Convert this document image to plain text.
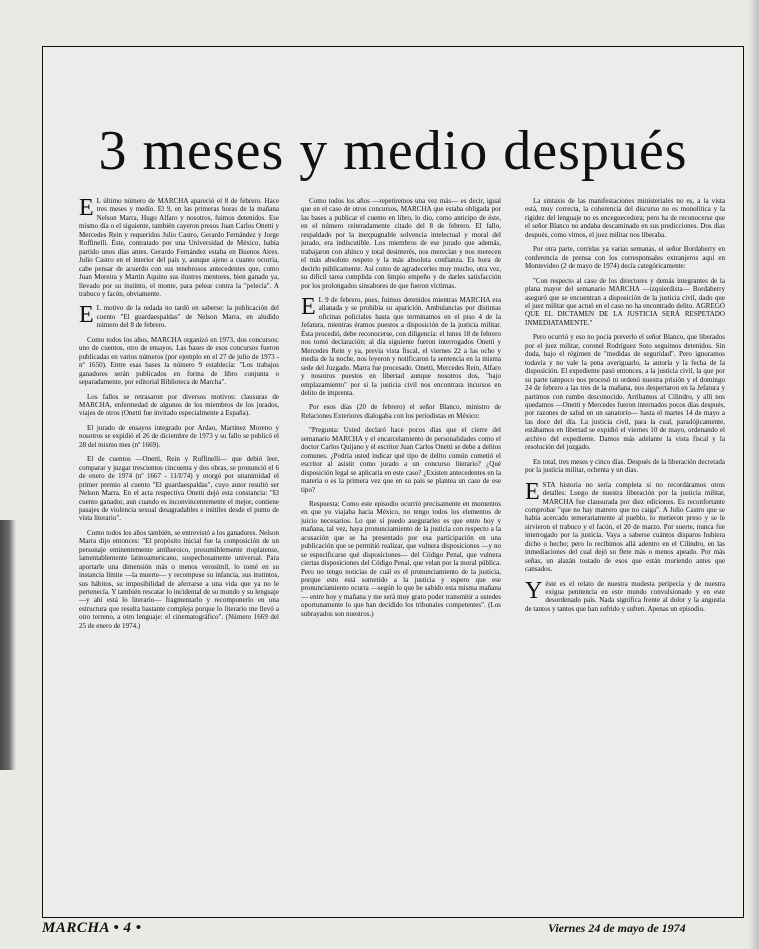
3 meses y medio después

E L último número de MARCHA apareció el 8 de febrero. Hace tres meses y medio. El 9, en las primeras horas de la mañana Nelson Marra, Hugo Alfaro y nosotros, fuimos detenidos. Ese mismo día o el siguiente, también cayeron presos Juan Carlos Onetti y Mercedes Rein y requeridos Julio Castro, Gerardo Fernández y Jorge Ruffinelli. Éste, contratado por una Universidad de México, había partido unos días antes. Gerardo Fernández estaba en Buenos Aires. Julio Castro en el interior del país y, aunque ajeno a cuanto ocurría, cabe pensar de acuerdo con sus tenebrosos antecedentes que, como Juan Moreira y Martín Aquino sus ilustres mentores, bien ganado ya, llevado por su instinto, el monte, para pelear contra la "pelecía". A trabuco y facón, obviamente.

E L motivo de la redada no tardó en saberse: la publicación del cuento "El guardaespaldas" de Nelson Marra, en aludido número del 8 de febrero.

Como todos los años, MARCHA organizó en 1973, dos concursos: uno de cuentos, otro de ensayos. Las bases de esos concursos fueron publicadas en varios números (por ejemplo en el 27 de julio de 1973 - nº 1650). Entre esas bases la número 9 establecía: "Los trabajos ganadores serán publicados en forma de libro conjunta o separadamente, por editorial Biblioteca de Marcha".

Los fallos se retrasaron por diversos motivos: clausuras de MARCHA, enfermedad de algunos de los miembros de los jurados, viajes de otros (Onetti fue invitado especialmente a España).

El jurado de ensayos integrado por Ardao, Martínez Moreno y nosotros se expidió el 26 de diciembre de 1973 y su fallo se publicó el 28 del mismo mes (nº 1669).

El de cuentos —Onetti, Rein y Ruffinelli— que debió leer, comparar y juzgar trescientos cincuenta y dos obras, se pronunció el 6 de enero de 1974 (nº 1667 - 11/I/74) y otorgó por unanimidad el primer premio al cuento "El guardaespaldas", cuyo autor resultó ser Nelson Marra. En el acta respectiva Onetti dejó esta constancia: "El cuento ganador, aun cuando es inconvincentemente el mejor, contiene pasajes de violencia sexual desagradables e inútiles desde el punto de vista literario".

Como todos los años también, se entrevistó a los ganadores. Nelson Marra dijo entonces: "El propósito inicial fue la composición de un personaje eminentemente antiheroico, presumiblemente rioplatense, lamentablemente latinoamericano, sospechosamente universal. Para aportarle una dimensión más o menos verosímil, lo tomé en su instancia límite —la muerte— y recompuse su infancia, sus instintos, sus hábitos, su imposibilidad de aferrarse a una vida que ya no le pertenecía. Y también rescatar lo incidental de su mundo y su lenguaje —y ahí está lo literario— fragmentarlo y recomponerlo en una estructura que resulta bastante compleja porque lo literario me llevó a otro terreno, a otro lenguaje: el cinematográfico". (Número 1669 del 25 de enero de 1974.)

Como todos los años —repetiremos una vez más— es decir, igual que en el caso de otros concursos, MARCHA que estaba obligada por las bases a publicar el cuento en libro, lo dio, como anticipo de éste, en el número reiteradamente citado del 8 de febrero. El fallo, respaldado por la inexpugnable solvencia intelectual y moral del jurado, era indiscutible. Los miembros de ese jurado que además, trabajaron con ahínco y total desinterés, nos merecían y nos merecen el más absoluto respeto y la más absoluta confianza. Es hora de decirlo públicamente. Así como de agradecerles muy mucho, otra vez, su difícil tarea cumplida con limpio empeño y de darles satisfacción por los prolongados sinsabores de que fueron víctimas.

E L 9 de febrero, pues, fuimos detenidos mientras MARCHA era allanada y se prohibía su aparición. Ambulancias por distintas oficinas policiales hasta que terminamos en el piso 4 de la Jefatura, mientras éramos puestos a disposición de la justicia militar. Ésta procedió, debe reconocerse, con diligencia: el lunes 18 de febrero nos tomó declaración; al día siguiente fueron interrogados Onetti y Mercedes Rein y ya, previa vista fiscal, el viernes 22 a las ocho y media de la noche, nos leyeron y notificaron la sentencia en la misma sede del Juzgado. Marra fue procesado. Onetti, Mercedes Rein, Alfaro y nosotros puestos en libertad aunque nosotros dos, "bajo emplazamiento" por si la justicia civil nos encontrara incursos en delito de imprenta.

Por esos días (20 de febrero) el señor Blanco, ministro de Relaciones Exteriores dialogaba con los periodistas en México:

"Pregunta: Usted declaró hace pocos días que el cierre del semanario MARCHA y el encarcelamiento de personalidades como el doctor Carlos Quijano y el escritor Juan Carlos Onetti se debe a delitos comunes. ¿Podría usted indicar qué tipo de delito común cometió el escritor al asistir como jurado a un concurso literario? ¿Qué disposición legal se aplicaría en este caso? ¿Existen antecedentes en la materia o es la primera vez que en su país se plantea un caso de ese tipo?

Respuesta: Como este episodio ocurrió precisamente en momentos en que yo viajaba hacia México, no tengo todos los elementos de juicio necesarios. Lo que sí puedo asegurarles es que entre hoy y mañana, tal vez, haya pronunciamiento de la justicia con respecto a la acusación que se ha presentado por esa participación en una publicación que se permitió realizar, que vulnera disposiciones —y no se especificarse qué disposiciones— del Código Penal, que vulnera ciertas disposiciones del Código Penal, que velan por la moral pública. Pero no tengo noticias de cuál es el pronunciamiento de la justicia, porque esto está sometido a la justicia y espero que ese pronunciamiento ocurra —según lo que he sabido esta misma mañana— entre hoy y mañana y me será muy grato poder transmitir a ustedes oportunamente lo que han decidido los tribunales competentes". (Los subrayados son nuestros.)

La sintaxis de las manifestaciones ministeriales no es, a la vista está, muy correcta, la coherencia del discurso no es monolítica y la rigidez del lenguaje no es enceguecedora; pero ha de reconocerse que el señor Blanco no andaba descaminado en sus predicciones. Dos días después, como vimos, el juez militar nos liberaba.

Por otra parte, corridas ya varias semanas, el señor Bordaberry en conferencia de prensa con los corresponsales extranjeros aquí en Montevideo (2 de mayo de 1974) decía categóricamente:

"Con respecto al caso de los directores y demás integrantes de la plana mayor del semanario MARCHA —izquierdista— Bordaberry aseguró que se encuentran a disposición de la justicia civil, dado que el juez militar que actuó en el caso no ha encontrado delito. AGREGÓ QUE EL DICTAMEN DE LA JUSTICIA SERÁ RESPETADO INMEDIATAMENTE."

Pero ocurrió y eso no pocía preverlo el señor Blanco, que liberados por el juez militar, coronel Rodríguez Soto seguimos detenidos. Sin duda, bajo el régimen de "medidas de seguridad". Pero ignoramos todavía y no vale la pena averiguarlo, la autoría y la fecha de la disposición. El expediente pasó entonces, a la justicia civil, la que por su parte tampoco nos procesó ni ordenó nuestra prisión y el domingo 24 de febrero a las tres de la mañana, nos despertaron en la Jefatura y partimos con rumbo desconocido. Arribamos al Cilindro, y allí nos quedamos —Onetti y Mercedes fueron internados pocos días después, por razones de salud en un sanatorio— hasta el martes 14 de mayo a las doce del día. La justicia civil, para la cual, paradójicamente, estábamos en libertad se expidió el viernes 10 de mayo, ordenando el archivo del expediente. Damos más adelante la vista fiscal y la resolución del juzgado.

En total, tres meses y cinco días. Después de la liberación decretada por la justicia militar, ochenta y un días.

ESTA historia no sería completa si no recordáramos otros detalles: Luego de nuestra liberación por la justicia militar, MARCHA fue clausurada por diez ediciones. Es reconfortante comprobar "que no hay matrero que no caiga". A Julio Castro que se había acercado temerariamente al pueblo, lo metieron preso y se le sirvieron el trabuco y el facón, el 20 de marzo. Por suerte, nunca fue interrogado por la justicia. Vaya a saberse cuántos disparos hubiera dicho o hecho; pero lo recibimos allá adentro en el Cilindro, en las inmediaciones del cual dejó su flete más o menos apeado. Por más señas, un alazán tostado de esos que están muriendo antes que cansados.

Yéste es el relato de nuestra modesta peripecia y de nuestra exigua penitencia en este mundo convulsionado y en este desordenado país. Nada significa frente al dolor y la angustia de tantos y tantos que han sufrido y sufren. Apenas un episodio.

MARCHA • 4 •	Viernes 24 de mayo de 1974
